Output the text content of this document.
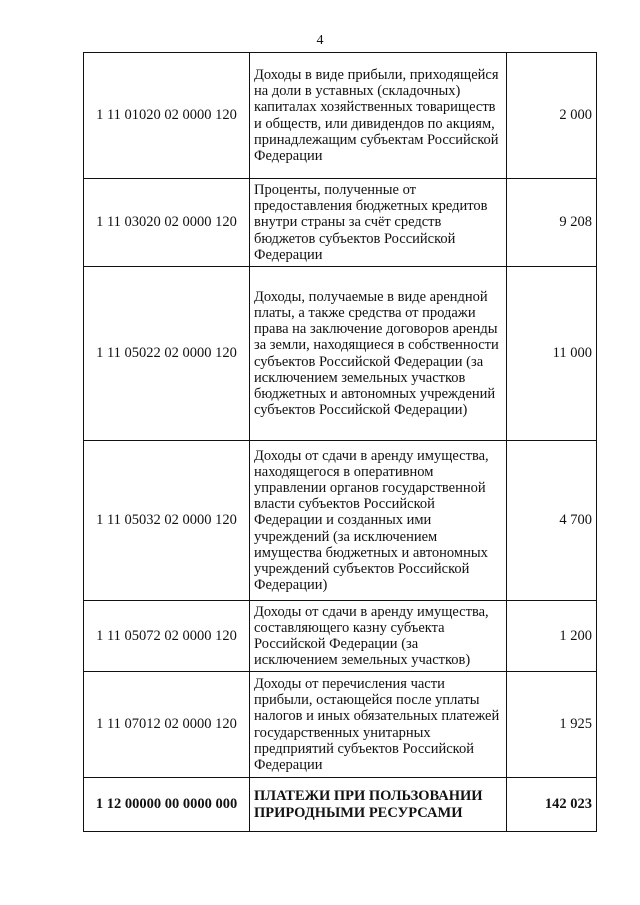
4
1 11 01020 02 0000 120	Доходы в виде прибыли, приходящейся на доли в уставных (складочных) капиталах хозяйственных товариществ и обществ, или дивидендов по акциям, принадлежащим субъектам Российской Федерации	2 000
1 11 03020 02 0000 120	Проценты, полученные от предоставления бюджетных кредитов внутри страны за счёт средств бюджетов субъектов Российской Федерации	9 208
1 11 05022 02 0000 120	Доходы, получаемые в виде арендной платы, а также средства от продажи права на заключение договоров аренды за земли, находящиеся в собственности субъектов Российской Федерации (за исключением земельных участков бюджетных и автономных учреждений субъектов Российской Федерации)	11 000
1 11 05032 02 0000 120	Доходы от сдачи в аренду имущества, находящегося в оперативном управлении органов государственной власти субъектов Российской Федерации и созданных ими учреждений (за исключением имущества бюджетных и автономных учреждений субъектов Российской Федерации)	4 700
1 11 05072 02 0000 120	Доходы от сдачи в аренду имущества, составляющего казну субъекта Российской Федерации (за исключением земельных участков)	1 200
1 11 07012 02 0000 120	Доходы от перечисления части прибыли, остающейся после уплаты налогов и иных обязательных платежей государственных унитарных предприятий субъектов Российской Федерации	1 925
1 12 00000 00 0000 000	ПЛАТЕЖИ ПРИ ПОЛЬЗОВАНИИ ПРИРОДНЫМИ РЕСУРСАМИ	142 023
